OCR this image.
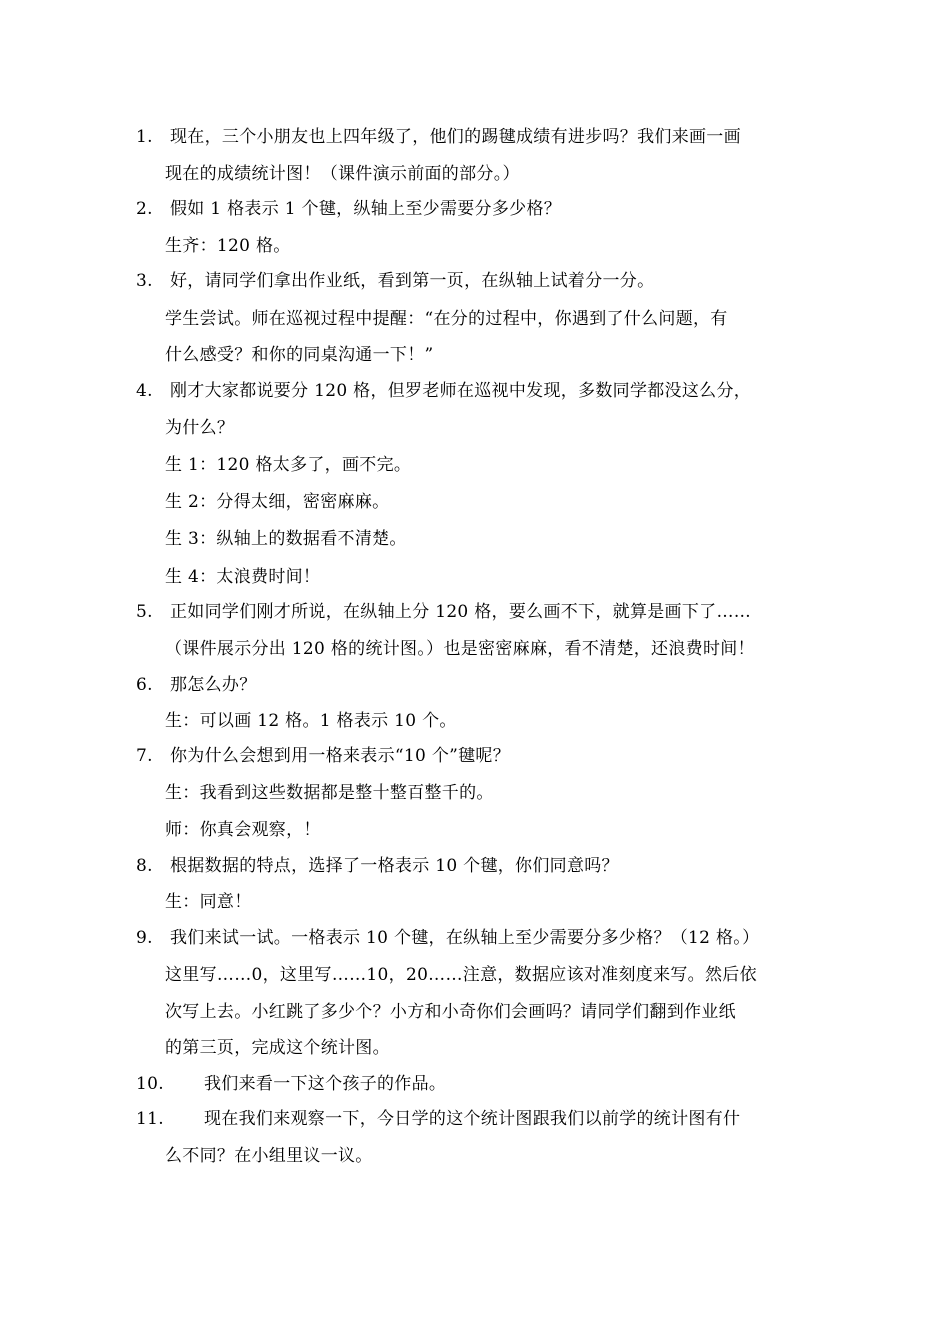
1. 现在，三个小朋友也上四年级了，他们的踢毽成绩有进步吗？我们来画一画
现在的成绩统计图！（课件演示前面的部分。）
2. 假如 1 格表示 1 个毽，纵轴上至少需要分多少格？
生齐：120 格。
3. 好，请同学们拿出作业纸，看到第一页，在纵轴上试着分一分。
学生尝试。师在巡视过程中提醒：“在分的过程中，你遇到了什么问题，有
什么感受？和你的同桌沟通一下！”
4. 刚才大家都说要分 120 格，但罗老师在巡视中发现，多数同学都没这么分，
为什么？
生 1：120 格太多了，画不完。
生 2：分得太细，密密麻麻。
生 3：纵轴上的数据看不清楚。
生 4：太浪费时间！
5. 正如同学们刚才所说，在纵轴上分 120 格，要么画不下，就算是画下了……
（课件展示分出 120 格的统计图。）也是密密麻麻，看不清楚，还浪费时间！
6. 那怎么办？
生：可以画 12 格。1 格表示 10 个。
7. 你为什么会想到用一格来表示“10 个”毽呢？
生：我看到这些数据都是整十整百整千的。
师：你真会观察，！
8. 根据数据的特点，选择了一格表示 10 个毽，你们同意吗？
生：同意！
9. 我们来试一试。一格表示 10 个毽，在纵轴上至少需要分多少格？（12 格。）
这里写……0，这里写……10，20……注意，数据应该对准刻度来写。然后依
次写上去。小红跳了多少个？小方和小奇你们会画吗？请同学们翻到作业纸
的第三页，完成这个统计图。
10. 我们来看一下这个孩子的作品。
11. 现在我们来观察一下，今日学的这个统计图跟我们以前学的统计图有什
么不同？在小组里议一议。
